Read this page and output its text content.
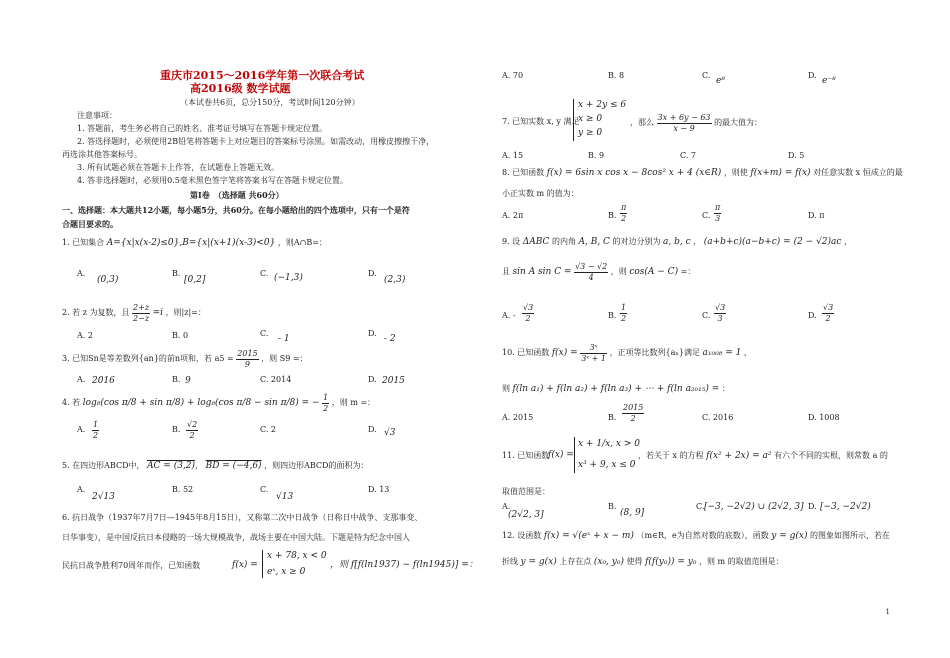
重庆市2015～2016学年第一次联合考试
高2016级 数学试题
（本试卷共6页，总分150分，考试时间120分钟）
注意事项：
1. 答题前，考生务必将自己的姓名、准考证号填写在答题卡规定位置。
2. 答选择题时，必须使用2B铅笔将答题卡上对应题目的答案标号涂黑。如需改动，用橡皮擦擦干净，
再选涂其他答案标号。
3. 所有试题必须在答题卡上作答，在试题卷上答题无效。
4. 答非选择题时，必须用0.5毫米黑色签字笔将答案书写在答题卡规定位置。
第Ⅰ卷　（选择题 共60分）
一、选择题：本大题共12小题，每小题5分，共60分。在每小题给出的四个选项中，只有一个是符
合题目要求的。
1. 已知集合 A={x|x(x-2)≤0},B={x|(x+1)(x-3)<0} ，则A∩B=：
A.
(0,3)
B.
[0,2]
C. (−1,3)	D.
(2,3)
2. 若 z 为复数，且 $\frac{2+z}{2-z} =i$ ，则|z|=：
A. 2	B. 0	C.
- 1
D.
- 2
3. 已知Sn是等差数列{an}的前n项和，若 $a5 = \frac{2015}{9}$ ，则 S9 =：
A. 2016	B. 9	C. 2014	D. 2015
4. 若 log₈(cos π/8 + sin π/8) + log₈(cos π/8 − sin π/8) = − $\frac{1}{2}$ ，则 m =：
A. $\frac{1}{2}$	B. $\frac{√2}{2}$	C. 2	D. √3
5. 在四边形ABCD中， AC = (3,2)， BD = (−4,6) ，则四边形ABCD的面积为：
A.
2√13
B. 52	C.
√13
D. 13
6. 抗日战争（1937年7月7日—1945年8月15日），又称第二次中日战争（日称日中战争、支那事变、
日华事变），是中国反抗日本侵略的一场大规模战争，战场主要在中国大陆。下题是特为纪念中国人
民抗日战争胜利70周年而作，已知函数	f(x) =
x + 78, x < 0
eˣ, x ≥ 0
，则 f[f(ln1937) − f(ln1945)] =：
A. 70	B. 8	C.
e⁸
D.
e⁻⁸
7. 已知实数 x, y 满足
x + 2y ≤ 6
x ≥ 0
y ≥ 0
，那么 $\frac{3x + 6y - 63}{x - 9}$ 的最大值为：
A. 15	B. 9	C. 7	D. 5
8. 已知函数 f(x) = 6sin x cos x − 8cos² x + 4 (x∈R) ，则使 f(x+m) = f(x) 对任意实数 x 恒成立的最
小正实数 m 的值为：
A. 2π	B. $\frac{\pi}{2}$	C. $\frac{\pi}{3}$	D. π
9. 设 ΔABC 的内角 A, B, C 的对边分别为 a, b, c ， (a+b+c)(a−b+c) = (2 − √2)ac ，
且 sin A $\sin C = \frac{√3 - √2}{4}$ ，则 cos(A − C) =：
A. - $\frac{√3}{2}$	B. $\frac{1}{2}$	C. $\frac{√3}{3}$	D. $\frac{√3}{2}$
10. 已知函数 $f(x) = \frac{\text{3ˣ}}{\text{3ˣ + 1}}$ ，正项等比数列{aₙ}满足 a₁₀₀₈ = 1 ，
则 f(ln a₁) + f(ln a₂) + f(ln a₃) + ⋯ + f(ln a₂₀₁₅) = ：
A. 2015	B. $\frac{2015}{2}$	C. 2016	D. 1008
11. 已知函数
f(x) =
x + 1/x, x > 0
x³ + 9, x ≤ 0
，若关于 x 的方程 f(x² + 2x) = a² 有六个不同的实根，则常数 a 的
取值范围是：
A.
(2√2, 3]
B.
(8, 9]
C. [−3, −2√2) ∪ (2√2, 3] D. [−3, −2√2)
12. 设函数 f(x) = √(eˣ + x − m) （m∈R，e为自然对数的底数），函数 y = g(x) 的图象如图所示，若在
折线 y = g(x) 上存在点 (x₀, y₀) 使得 f(f(y₀)) = y₀ ，则 m 的取值范围是：
1
